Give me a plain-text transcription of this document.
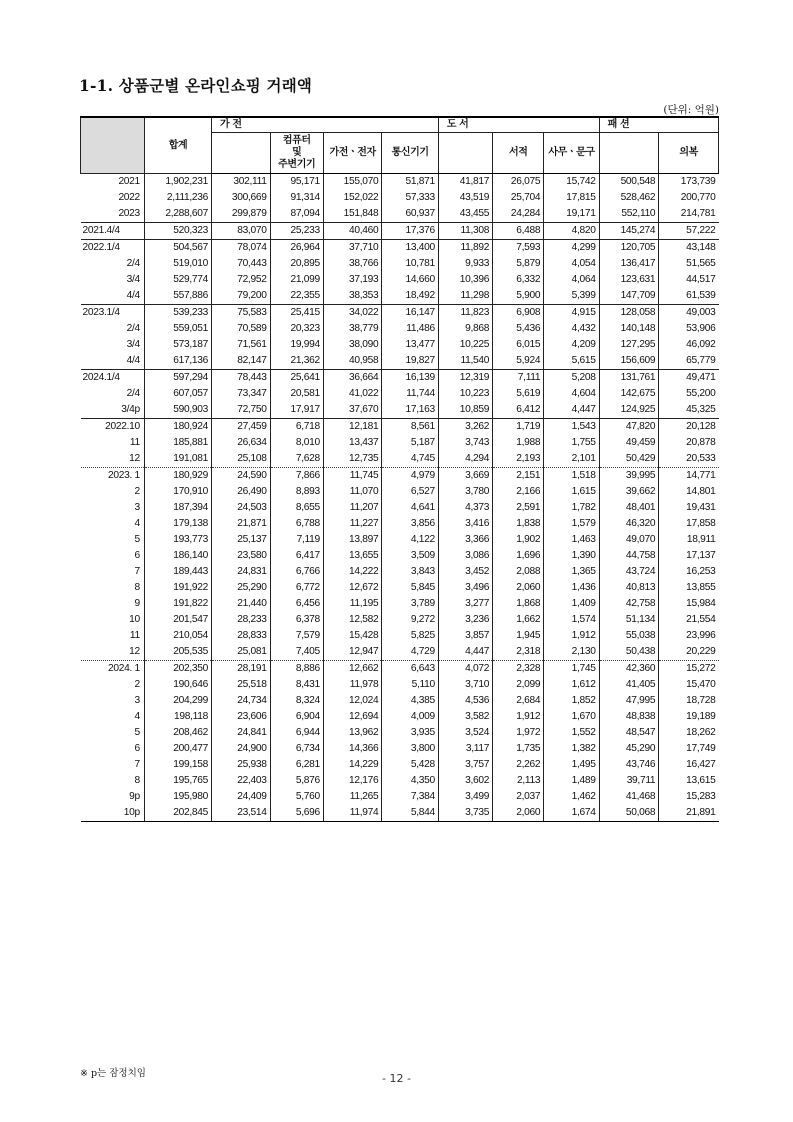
1-1. 상품군별 온라인쇼핑 거래액
(단위: 억원)
	합계	가 전				도 서			패 션	
			컴퓨터
및
주변기기	가전ㆍ전자	통신기기		서적	사무ㆍ문구		의복
2021	1,902,231	302,111	95,171	155,070	51,871	41,817	26,075	15,742	500,548	173,739
2022	2,111,236	300,669	91,314	152,022	57,333	43,519	25,704	17,815	528,462	200,770
2023	2,288,607	299,879	87,094	151,848	60,937	43,455	24,284	19,171	552,110	214,781
2021.4/4	520,323	83,070	25,233	40,460	17,376	11,308	6,488	4,820	145,274	57,222
2022.1/4	504,567	78,074	26,964	37,710	13,400	11,892	7,593	4,299	120,705	43,148
2/4	519,010	70,443	20,895	38,766	10,781	9,933	5,879	4,054	136,417	51,565
3/4	529,774	72,952	21,099	37,193	14,660	10,396	6,332	4,064	123,631	44,517
4/4	557,886	79,200	22,355	38,353	18,492	11,298	5,900	5,399	147,709	61,539
2023.1/4	539,233	75,583	25,415	34,022	16,147	11,823	6,908	4,915	128,058	49,003
2/4	559,051	70,589	20,323	38,779	11,486	9,868	5,436	4,432	140,148	53,906
3/4	573,187	71,561	19,994	38,090	13,477	10,225	6,015	4,209	127,295	46,092
4/4	617,136	82,147	21,362	40,958	19,827	11,540	5,924	5,615	156,609	65,779
2024.1/4	597,294	78,443	25,641	36,664	16,139	12,319	7,111	5,208	131,761	49,471
2/4	607,057	73,347	20,581	41,022	11,744	10,223	5,619	4,604	142,675	55,200
3/4p	590,903	72,750	17,917	37,670	17,163	10,859	6,412	4,447	124,925	45,325
2022.10	180,924	27,459	6,718	12,181	8,561	3,262	1,719	1,543	47,820	20,128
11	185,881	26,634	8,010	13,437	5,187	3,743	1,988	1,755	49,459	20,878
12	191,081	25,108	7,628	12,735	4,745	4,294	2,193	2,101	50,429	20,533
2023. 1	180,929	24,590	7,866	11,745	4,979	3,669	2,151	1,518	39,995	14,771
2	170,910	26,490	8,893	11,070	6,527	3,780	2,166	1,615	39,662	14,801
3	187,394	24,503	8,655	11,207	4,641	4,373	2,591	1,782	48,401	19,431
4	179,138	21,871	6,788	11,227	3,856	3,416	1,838	1,579	46,320	17,858
5	193,773	25,137	7,119	13,897	4,122	3,366	1,902	1,463	49,070	18,911
6	186,140	23,580	6,417	13,655	3,509	3,086	1,696	1,390	44,758	17,137
7	189,443	24,831	6,766	14,222	3,843	3,452	2,088	1,365	43,724	16,253
8	191,922	25,290	6,772	12,672	5,845	3,496	2,060	1,436	40,813	13,855
9	191,822	21,440	6,456	11,195	3,789	3,277	1,868	1,409	42,758	15,984
10	201,547	28,233	6,378	12,582	9,272	3,236	1,662	1,574	51,134	21,554
11	210,054	28,833	7,579	15,428	5,825	3,857	1,945	1,912	55,038	23,996
12	205,535	25,081	7,405	12,947	4,729	4,447	2,318	2,130	50,438	20,229
2024. 1	202,350	28,191	8,886	12,662	6,643	4,072	2,328	1,745	42,360	15,272
2	190,646	25,518	8,431	11,978	5,110	3,710	2,099	1,612	41,405	15,470
3	204,299	24,734	8,324	12,024	4,385	4,536	2,684	1,852	47,995	18,728
4	198,118	23,606	6,904	12,694	4,009	3,582	1,912	1,670	48,838	19,189
5	208,462	24,841	6,944	13,962	3,935	3,524	1,972	1,552	48,547	18,262
6	200,477	24,900	6,734	14,366	3,800	3,117	1,735	1,382	45,290	17,749
7	199,158	25,938	6,281	14,229	5,428	3,757	2,262	1,495	43,746	16,427
8	195,765	22,403	5,876	12,176	4,350	3,602	2,113	1,489	39,711	13,615
9p	195,980	24,409	5,760	11,265	7,384	3,499	2,037	1,462	41,468	15,283
10p	202,845	23,514	5,696	11,974	5,844	3,735	2,060	1,674	50,068	21,891

※ p는 잠정치임	- 12 -
